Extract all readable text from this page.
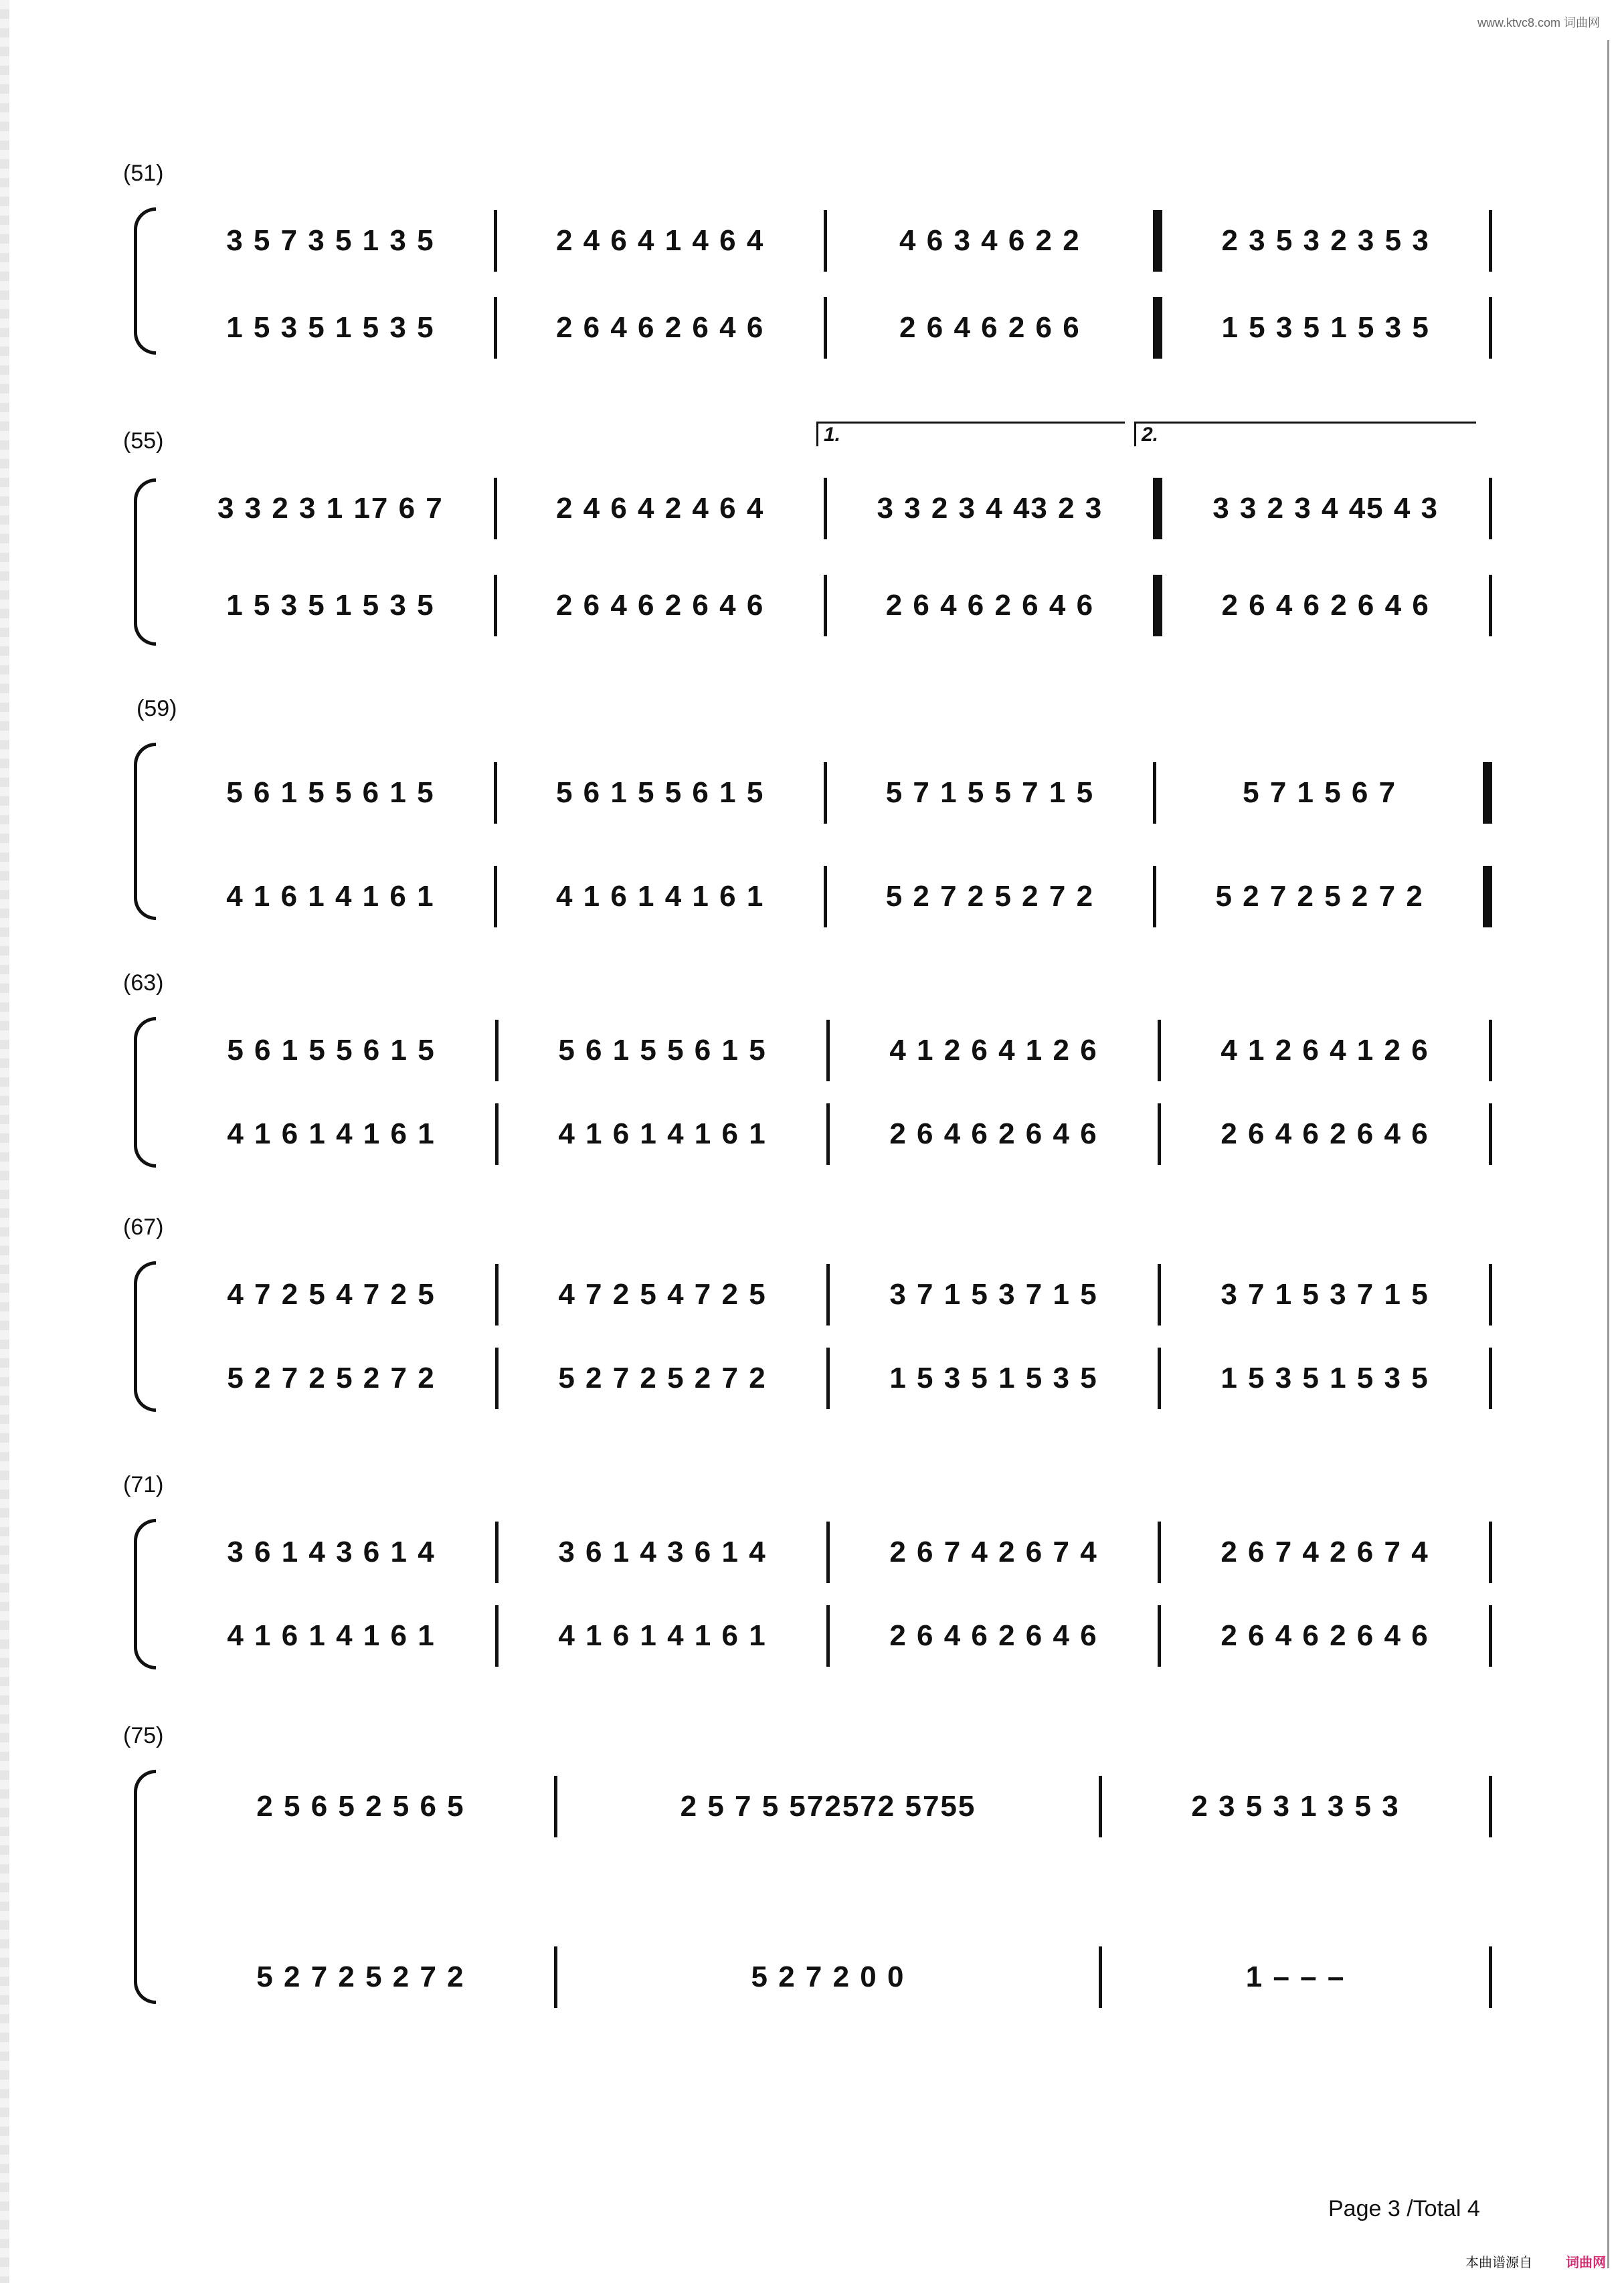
www.ktvc8.com 词曲网
(51)
3 5 7 3 5 1 3 5	2 4 6 4 1 4 6 4	4 6 3 4 6 2 2	2 3 5 3 2 3 5 3
1 5 3 5 1 5 3 5	2 6 4 6 2 6 4 6	2 6 4 6 2 6 6	1 5 3 5 1 5 3 5
(55)	1.	2.
3 3 2 3 1 17 6 7	2 4 6 4 2 4 6 4	3 3 2 3 4 43 2 3	3 3 2 3 4 45 4 3
1 5 3 5 1 5 3 5	2 6 4 6 2 6 4 6	2 6 4 6 2 6 4 6	2 6 4 6 2 6 4 6
(59)
5 6 1 5 5 6 1 5	5 6 1 5 5 6 1 5	5 7 1 5 5 7 1 5	5 7 1 5 6 7
4 1 6 1 4 1 6 1	4 1 6 1 4 1 6 1	5 2 7 2 5 2 7 2	5 2 7 2 5 2 7 2
(63)
5 6 1 5 5 6 1 5	5 6 1 5 5 6 1 5	4 1 2 6 4 1 2 6	4 1 2 6 4 1 2 6
4 1 6 1 4 1 6 1	4 1 6 1 4 1 6 1	2 6 4 6 2 6 4 6	2 6 4 6 2 6 4 6
(67)
4 7 2 5 4 7 2 5	4 7 2 5 4 7 2 5	3 7 1 5 3 7 1 5	3 7 1 5 3 7 1 5
5 2 7 2 5 2 7 2	5 2 7 2 5 2 7 2	1 5 3 5 1 5 3 5	1 5 3 5 1 5 3 5
(71)
3 6 1 4 3 6 1 4	3 6 1 4 3 6 1 4	2 6 7 4 2 6 7 4	2 6 7 4 2 6 7 4
4 1 6 1 4 1 6 1	4 1 6 1 4 1 6 1	2 6 4 6 2 6 4 6	2 6 4 6 2 6 4 6
(75)
2 5 6 5 2 5 6 5	2 5 7 5 572572 5755	2 3 5 3 1 3 5 3
5 2 7 2 5 2 7 2	5 2 7 2 0 0	1 – – –
Page 3 /Total 4
本曲谱源自	词曲网
